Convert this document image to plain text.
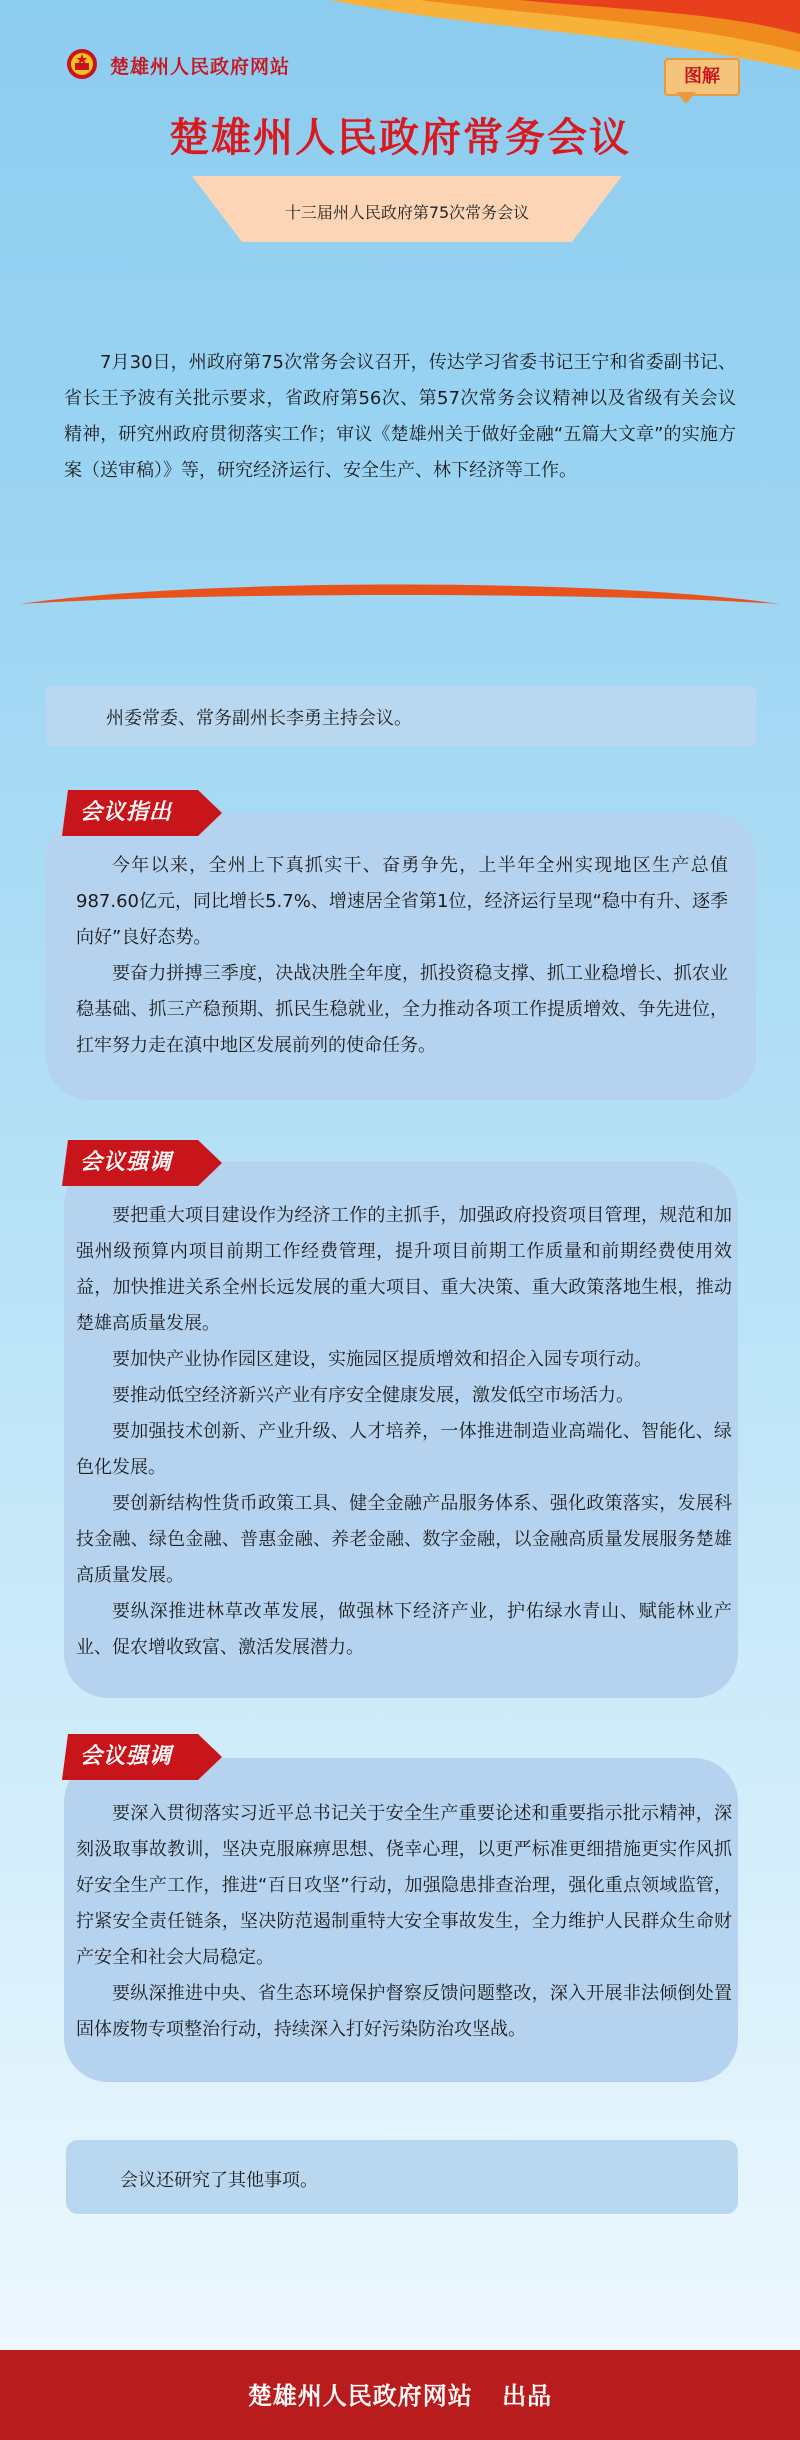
楚雄州人民政府网站	图解
楚雄州人民政府常务会议
十三届州人民政府第75次常务会议
7月30日，州政府第75次常务会议召开，传达学习省委书记王宁和省委副书记、省长王予波有关批示要求，省政府第56次、第57次常务会议精神以及省级有关会议精神，研究州政府贯彻落实工作；审议《楚雄州关于做好金融“五篇大文章”的实施方案（送审稿）》等，研究经济运行、安全生产、林下经济等工作。
州委常委、常务副州长李勇主持会议。
会议指出

今年以来，全州上下真抓实干、奋勇争先，上半年全州实现地区生产总值987.60亿元，同比增长5.7%、增速居全省第1位，经济运行呈现“稳中有升、逐季向好”良好态势。

要奋力拼搏三季度，决战决胜全年度，抓投资稳支撑、抓工业稳增长、抓农业稳基础、抓三产稳预期、抓民生稳就业，全力推动各项工作提质增效、争先进位，扛牢努力走在滇中地区发展前列的使命任务。

会议强调

要把重大项目建设作为经济工作的主抓手，加强政府投资项目管理，规范和加强州级预算内项目前期工作经费管理，提升项目前期工作质量和前期经费使用效益，加快推进关系全州长远发展的重大项目、重大决策、重大政策落地生根，推动楚雄高质量发展。

要加快产业协作园区建设，实施园区提质增效和招企入园专项行动。

要推动低空经济新兴产业有序安全健康发展，激发低空市场活力。

要加强技术创新、产业升级、人才培养，一体推进制造业高端化、智能化、绿色化发展。

要创新结构性货币政策工具、健全金融产品服务体系、强化政策落实，发展科技金融、绿色金融、普惠金融、养老金融、数字金融，以金融高质量发展服务楚雄高质量发展。

要纵深推进林草改革发展，做强林下经济产业，护佑绿水青山、赋能林业产业、促农增收致富、激活发展潜力。

会议强调

要深入贯彻落实习近平总书记关于安全生产重要论述和重要指示批示精神，深刻汲取事故教训，坚决克服麻痹思想、侥幸心理，以更严标准更细措施更实作风抓好安全生产工作，推进“百日攻坚”行动，加强隐患排查治理，强化重点领域监管，拧紧安全责任链条，坚决防范遏制重特大安全事故发生，全力维护人民群众生命财产安全和社会大局稳定。

要纵深推进中央、省生态环境保护督察反馈问题整改，深入开展非法倾倒处置固体废物专项整治行动，持续深入打好污染防治攻坚战。

会议还研究了其他事项。
楚雄州人民政府网站 出品
